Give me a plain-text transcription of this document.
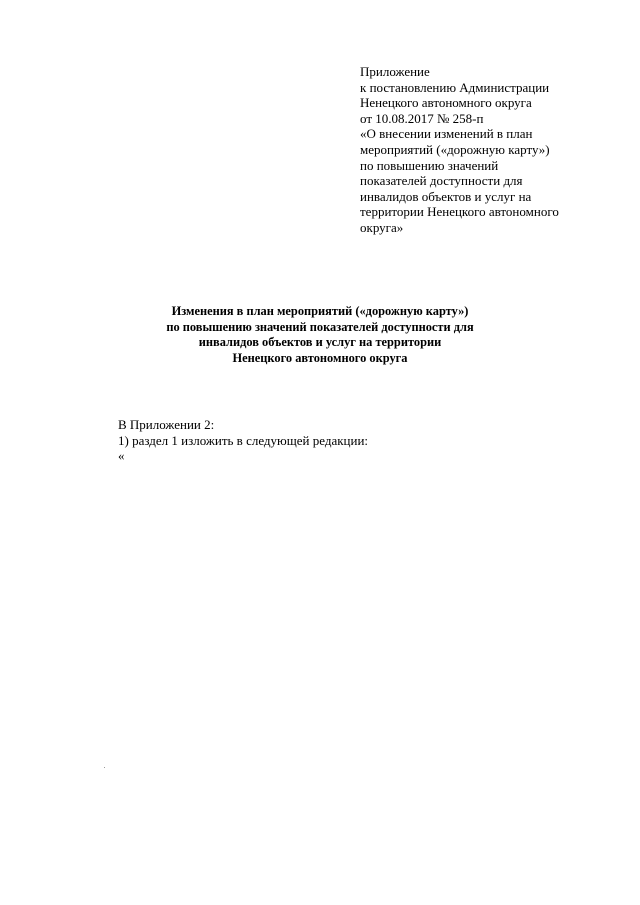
Приложение
к постановлению Администрации
Ненецкого автономного округа
от 10.08.2017 № 258-п
«О внесении изменений в план
мероприятий («дорожную карту»)
по повышению значений
показателей доступности для
инвалидов объектов и услуг на
территории Ненецкого автономного
округа»
Изменения в план мероприятий («дорожную карту»)
по повышению значений показателей доступности для
инвалидов объектов и услуг на территории
Ненецкого автономного округа
В Приложении 2:
1) раздел 1 изложить в следующей редакции:
«
